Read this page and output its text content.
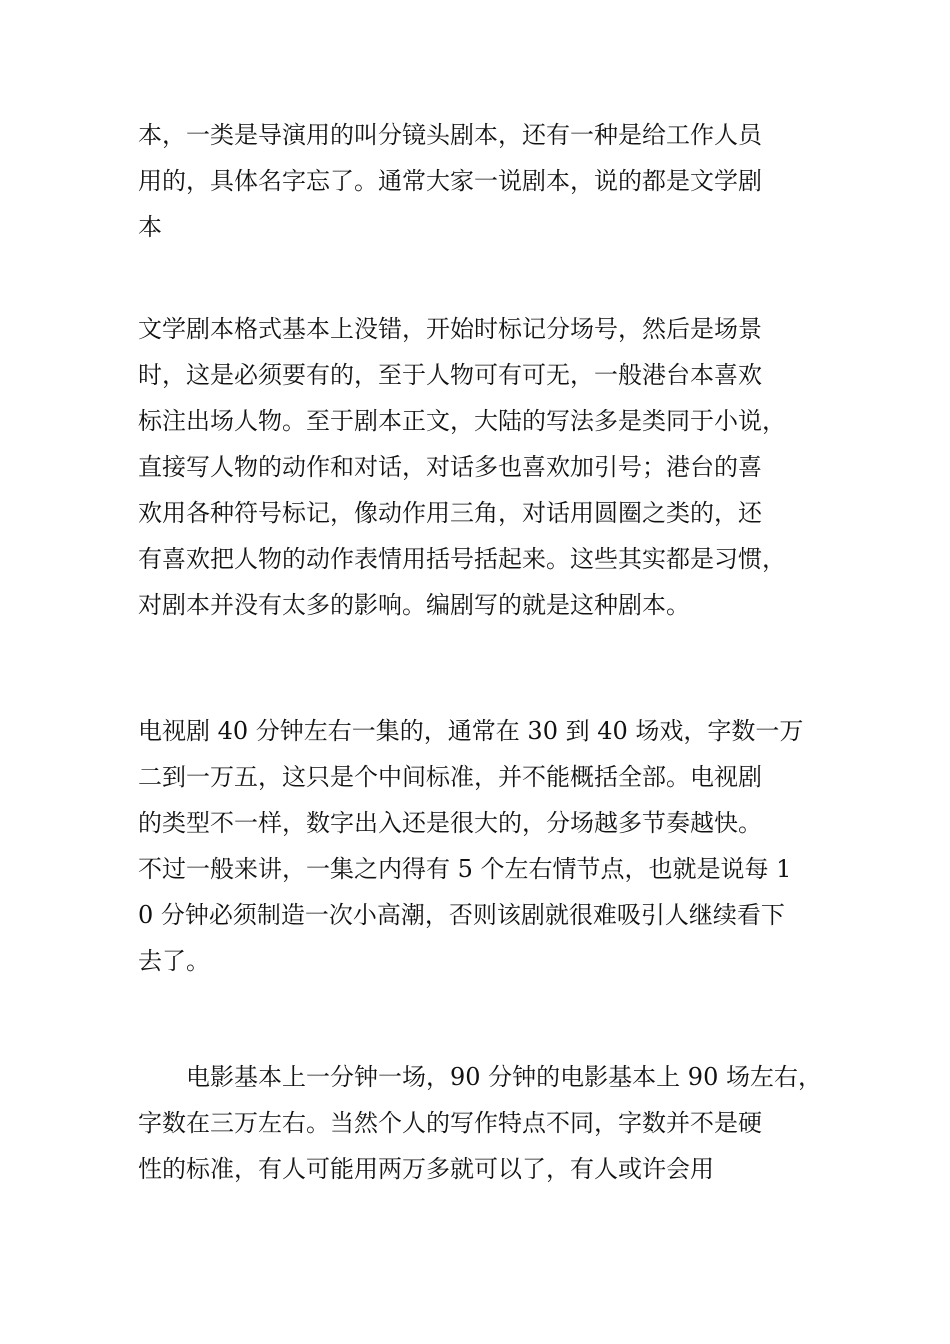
本，一类是导演用的叫分镜头剧本，还有一种是给工作人员
用的，具体名字忘了。通常大家一说剧本，说的都是文学剧
本
文学剧本格式基本上没错，开始时标记分场号，然后是场景
时，这是必须要有的，至于人物可有可无，一般港台本喜欢
标注出场人物。至于剧本正文，大陆的写法多是类同于小说，
直接写人物的动作和对话，对话多也喜欢加引号；港台的喜
欢用各种符号标记，像动作用三角，对话用圆圈之类的，还
有喜欢把人物的动作表情用括号括起来。这些其实都是习惯，
对剧本并没有太多的影响。编剧写的就是这种剧本。
电视剧 40 分钟左右一集的，通常在 30 到 40 场戏，字数一万
二到一万五，这只是个中间标准，并不能概括全部。电视剧
的类型不一样，数字出入还是很大的，分场越多节奏越快。
不过一般来讲，一集之内得有 5 个左右情节点，也就是说每 1
0 分钟必须制造一次小高潮，否则该剧就很难吸引人继续看下
去了。
　　电影基本上一分钟一场，90 分钟的电影基本上 90 场左右，
字数在三万左右。当然个人的写作特点不同，字数并不是硬
性的标准，有人可能用两万多就可以了，有人或许会用
